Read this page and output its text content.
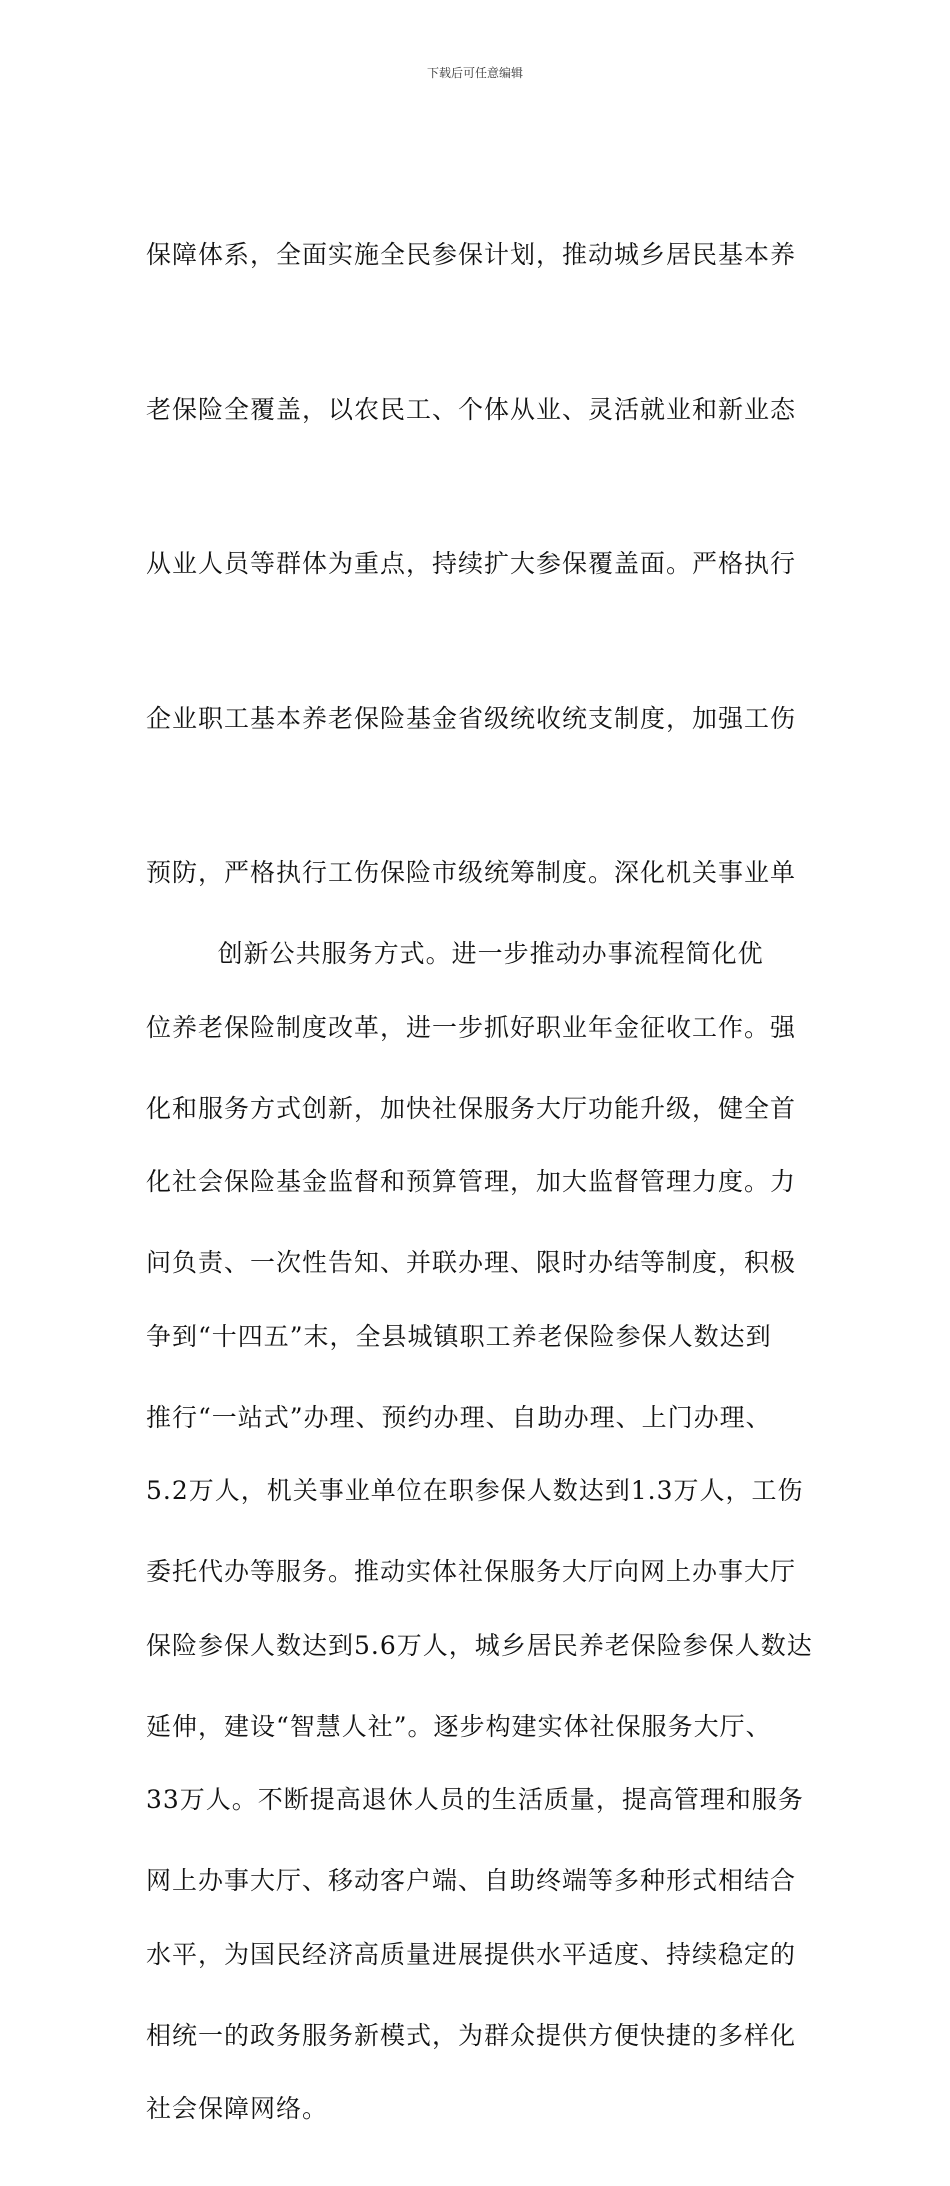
下载后可任意编辑

保障体系，全面实施全民参保计划，推动城乡居民基本养

老保险全覆盖，以农民工、个体从业、灵活就业和新业态

从业人员等群体为重点，持续扩大参保覆盖面。严格执行

企业职工基本养老保险基金省级统收统支制度，加强工伤

预防，严格执行工伤保险市级统筹制度。深化机关事业单

位养老保险制度改革，进一步抓好职业年金征收工作。强

化社会保险基金监督和预算管理，加大监督管理力度。力

争到“十四五”末，全县城镇职工养老保险参保人数达到

5.2万人，机关事业单位在职参保人数达到1.3万人，工伤

保险参保人数达到5.6万人，城乡居民养老保险参保人数达

33万人。不断提高退休人员的生活质量，提高管理和服务

水平，为国民经济高质量进展提供水平适度、持续稳定的

社会保障网络。

创新公共服务方式。进一步推动办事流程简化优

化和服务方式创新，加快社保服务大厅功能升级，健全首

问负责、一次性告知、并联办理、限时办结等制度，积极

推行“一站式”办理、预约办理、自助办理、上门办理、

委托代办等服务。推动实体社保服务大厅向网上办事大厅

延伸，建设“智慧人社”。逐步构建实体社保服务大厅、

网上办事大厅、移动客户端、自助终端等多种形式相结合

相统一的政务服务新模式，为群众提供方便快捷的多样化
